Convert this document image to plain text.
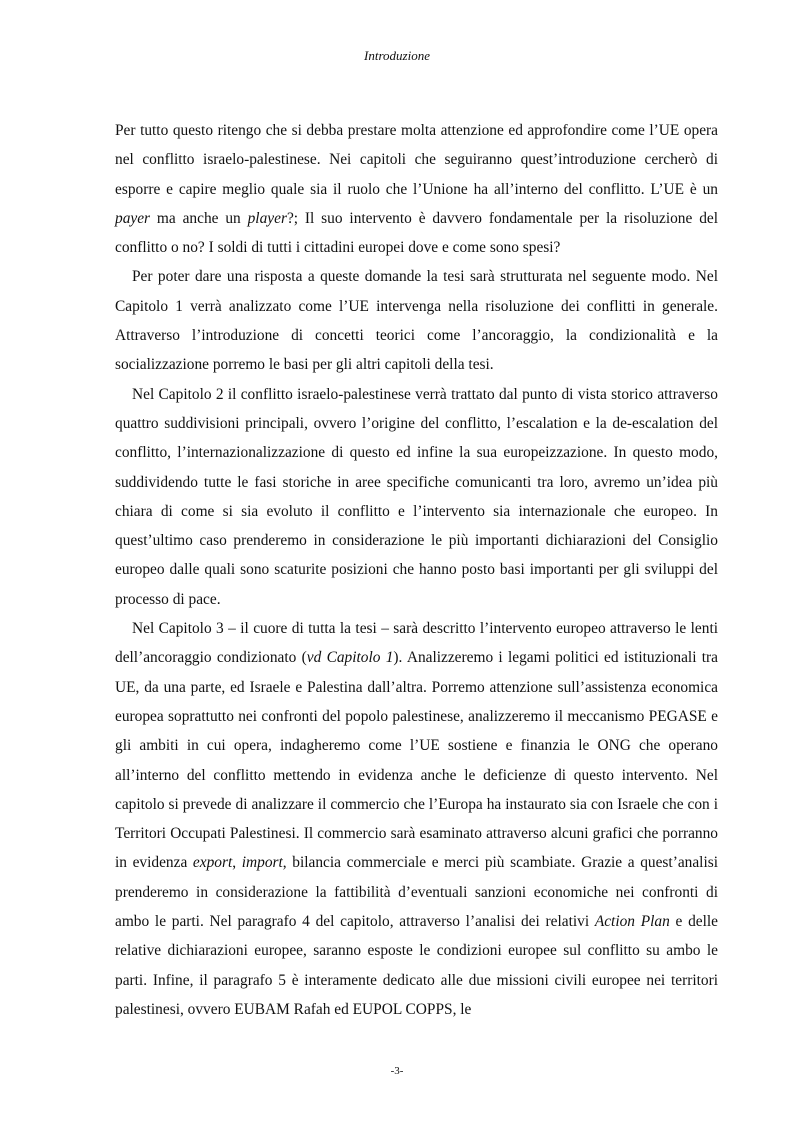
Introduzione

Per tutto questo ritengo che si debba prestare molta attenzione ed approfondire come l’UE opera nel conflitto israelo-palestinese. Nei capitoli che seguiranno quest’introduzione cercherò di esporre e capire meglio quale sia il ruolo che l’Unione ha all’interno del conflitto. L’UE è un payer ma anche un player?; Il suo intervento è davvero fondamentale per la risoluzione del conflitto o no? I soldi di tutti i cittadini europei dove e come sono spesi?

Per poter dare una risposta a queste domande la tesi sarà strutturata nel seguente modo. Nel Capitolo 1 verrà analizzato come l’UE intervenga nella risoluzione dei conflitti in generale. Attraverso l’introduzione di concetti teorici come l’ancoraggio, la condizionalità e la socializzazione porremo le basi per gli altri capitoli della tesi.

Nel Capitolo 2 il conflitto israelo-palestinese verrà trattato dal punto di vista storico attraverso quattro suddivisioni principali, ovvero l’origine del conflitto, l’escalation e la de-escalation del conflitto, l’internazionalizzazione di questo ed infine la sua europeizzazione. In questo modo, suddividendo tutte le fasi storiche in aree specifiche comunicanti tra loro, avremo un’idea più chiara di come si sia evoluto il conflitto e l’intervento sia internazionale che europeo. In quest’ultimo caso prenderemo in considerazione le più importanti dichiarazioni del Consiglio europeo dalle quali sono scaturite posizioni che hanno posto basi importanti per gli sviluppi del processo di pace.

Nel Capitolo 3 – il cuore di tutta la tesi – sarà descritto l’intervento europeo attraverso le lenti dell’ancoraggio condizionato (vd Capitolo 1). Analizzeremo i legami politici ed istituzionali tra UE, da una parte, ed Israele e Palestina dall’altra. Porremo attenzione sull’assistenza economica europea soprattutto nei confronti del popolo palestinese, analizzeremo il meccanismo PEGASE e gli ambiti in cui opera, indagheremo come l’UE sostiene e finanzia le ONG che operano all’interno del conflitto mettendo in evidenza anche le deficienze di questo intervento. Nel capitolo si prevede di analizzare il commercio che l’Europa ha instaurato sia con Israele che con i Territori Occupati Palestinesi. Il commercio sarà esaminato attraverso alcuni grafici che porranno in evidenza export, import, bilancia commerciale e merci più scambiate. Grazie a quest’analisi prenderemo in considerazione la fattibilità d’eventuali sanzioni economiche nei confronti di ambo le parti. Nel paragrafo 4 del capitolo, attraverso l’analisi dei relativi Action Plan e delle relative dichiarazioni europee, saranno esposte le condizioni europee sul conflitto su ambo le parti. Infine, il paragrafo 5 è interamente dedicato alle due missioni civili europee nei territori palestinesi, ovvero EUBAM Rafah ed EUPOL COPPS, le

-3-
